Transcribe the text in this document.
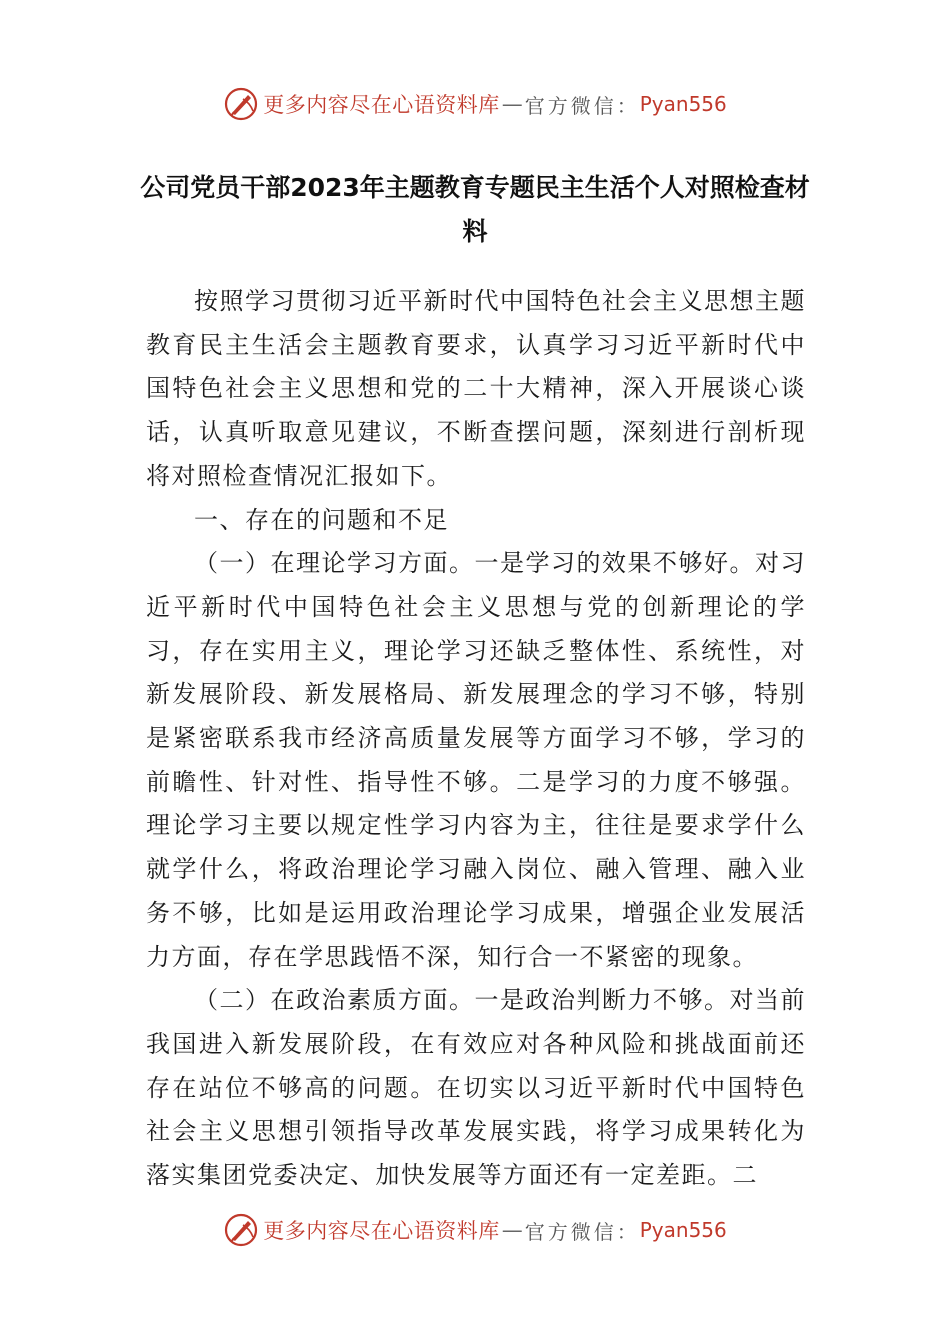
更多内容尽在心语资料库 — 官方微信： Pyan556
公司党员干部2023年主题教育专题民主生活个人对照检查材料

按照学习贯彻习近平新时代中国特色社会主义思想主题教育民主生活会主题教育要求，认真学习习近平新时代中国特色社会主义思想和党的二十大精神，深入开展谈心谈话，认真听取意见建议，不断查摆问题，深刻进行剖析现将对照检查情况汇报如下。

一、存在的问题和不足

（一）在理论学习方面。一是学习的效果不够好。对习近平新时代中国特色社会主义思想与党的创新理论的学习，存在实用主义，理论学习还缺乏整体性、系统性，对新发展阶段、新发展格局、新发展理念的学习不够，特别是紧密联系我市经济高质量发展等方面学习不够，学习的前瞻性、针对性、指导性不够。二是学习的力度不够强。理论学习主要以规定性学习内容为主，往往是要求学什么就学什么，将政治理论学习融入岗位、融入管理、融入业务不够，比如是运用政治理论学习成果，增强企业发展活力方面，存在学思践悟不深，知行合一不紧密的现象。

（二）在政治素质方面。一是政治判断力不够。对当前我国进入新发展阶段，在有效应对各种风险和挑战面前还存在站位不够高的问题。在切实以习近平新时代中国特色社会主义思想引领指导改革发展实践，将学习成果转化为落实集团党委决定、加快发展等方面还有一定差距。二

更多内容尽在心语资料库 — 官方微信： Pyan556
